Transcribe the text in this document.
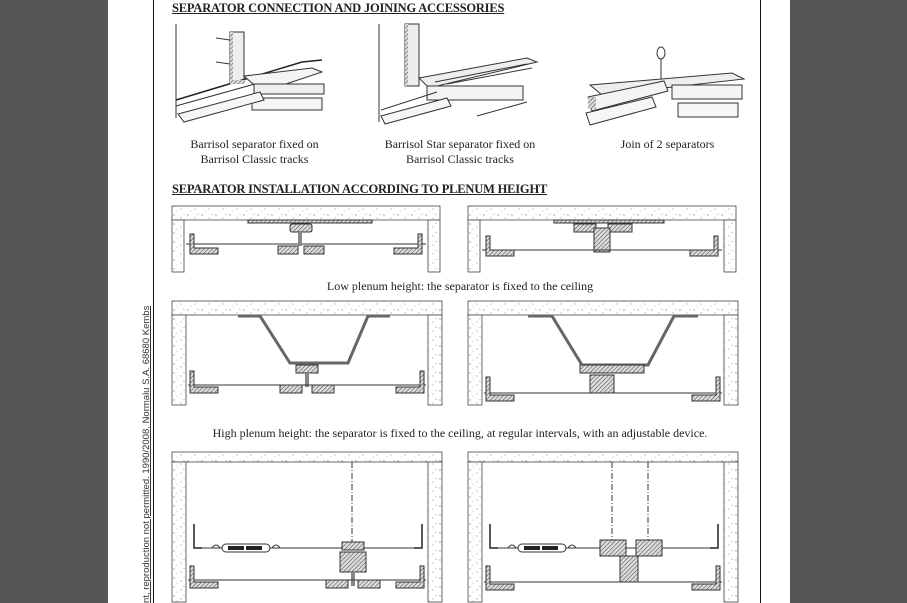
SEPARATOR CONNECTION AND JOINING ACCESSORIES
Barrisol separator fixed on
Barrisol Classic tracks
Barrisol Star separator fixed on
Barrisol Classic tracks
Join of 2 separators
SEPARATOR INSTALLATION ACCORDING TO PLENUM HEIGHT
Low plenum height: the separator is fixed to the ceiling
High plenum height: the separator is fixed to the ceiling, at regular intervals, with an adjustable device.
nt, reproduction not permitted. 1990/2008. Normalu S.A. 68680 Kembs
